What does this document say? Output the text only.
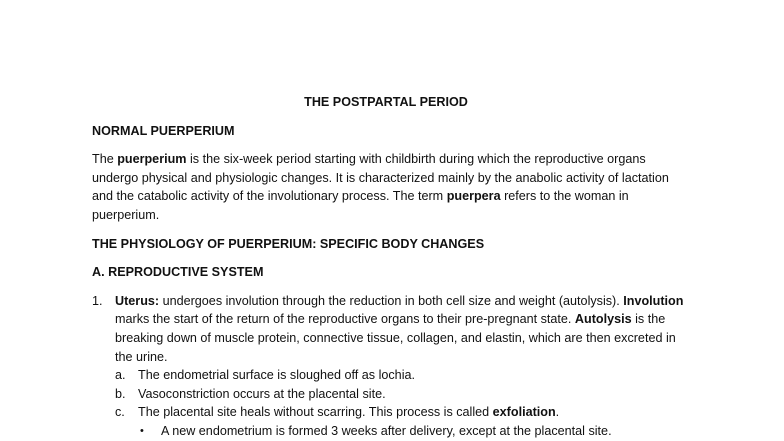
THE POSTPARTAL PERIOD
NORMAL PUERPERIUM
The puerperium is the six-week period starting with childbirth during which the reproductive organs undergo physical and physiologic changes. It is characterized mainly by the anabolic activity of lactation and the catabolic activity of the involutionary process. The term puerpera refers to the woman in puerperium.
THE PHYSIOLOGY OF PUERPERIUM: SPECIFIC BODY CHANGES
A. REPRODUCTIVE SYSTEM
1. Uterus: undergoes involution through the reduction in both cell size and weight (autolysis). Involution marks the start of the return of the reproductive organs to their pre-pregnant state. Autolysis is the breaking down of muscle protein, connective tissue, collagen, and elastin, which are then excreted in the urine.
a. The endometrial surface is sloughed off as lochia.
b. Vasoconstriction occurs at the placental site.
c. The placental site heals without scarring. This process is called exfoliation.
• A new endometrium is formed 3 weeks after delivery, except at the placental site.
